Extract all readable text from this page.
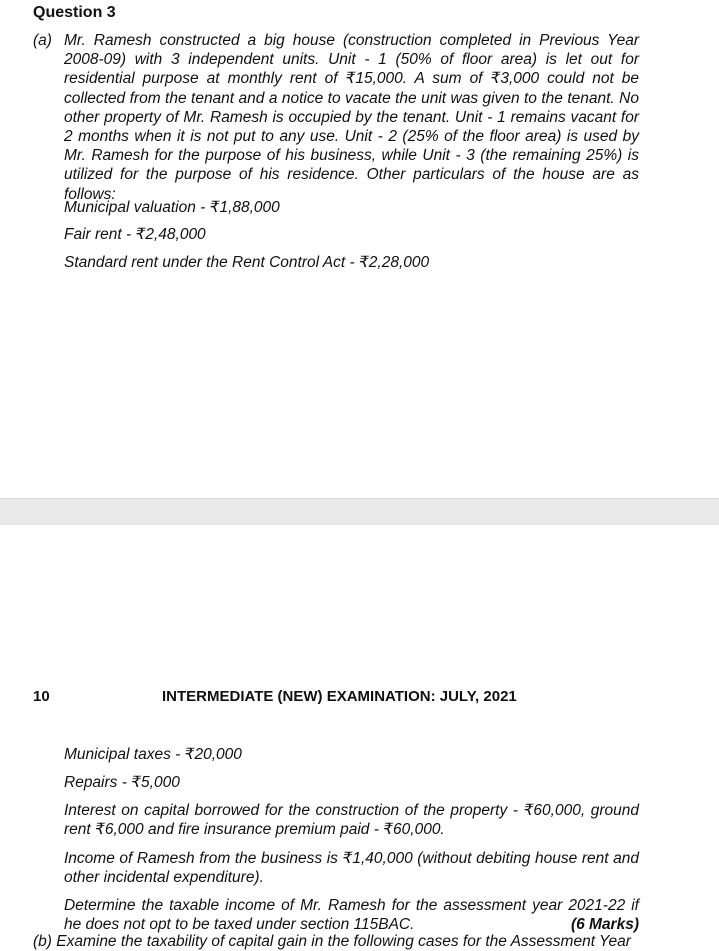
Question 3
(a) Mr. Ramesh constructed a big house (construction completed in Previous Year 2008-09) with 3 independent units. Unit - 1 (50% of floor area) is let out for residential purpose at monthly rent of ₹15,000. A sum of ₹3,000 could not be collected from the tenant and a notice to vacate the unit was given to the tenant. No other property of Mr. Ramesh is occupied by the tenant. Unit - 1 remains vacant for 2 months when it is not put to any use. Unit - 2 (25% of the floor area) is used by Mr. Ramesh for the purpose of his business, while Unit - 3 (the remaining 25%) is utilized for the purpose of his residence. Other particulars of the house are as follows:
Municipal valuation - ₹1,88,000
Fair rent - ₹2,48,000
Standard rent under the Rent Control Act - ₹2,28,000
10	INTERMEDIATE (NEW) EXAMINATION: JULY, 2021
Municipal taxes - ₹20,000
Repairs - ₹5,000
Interest on capital borrowed for the construction of the property - ₹60,000, ground rent ₹6,000 and fire insurance premium paid - ₹60,000.
Income of Ramesh from the business is ₹1,40,000 (without debiting house rent and other incidental expenditure).
Determine the taxable income of Mr. Ramesh for the assessment year 2021-22 if he does not opt to be taxed under section 115BAC.	(6 Marks)
(b) Examine the taxability of capital gain in the following cases for the Assessment Year
